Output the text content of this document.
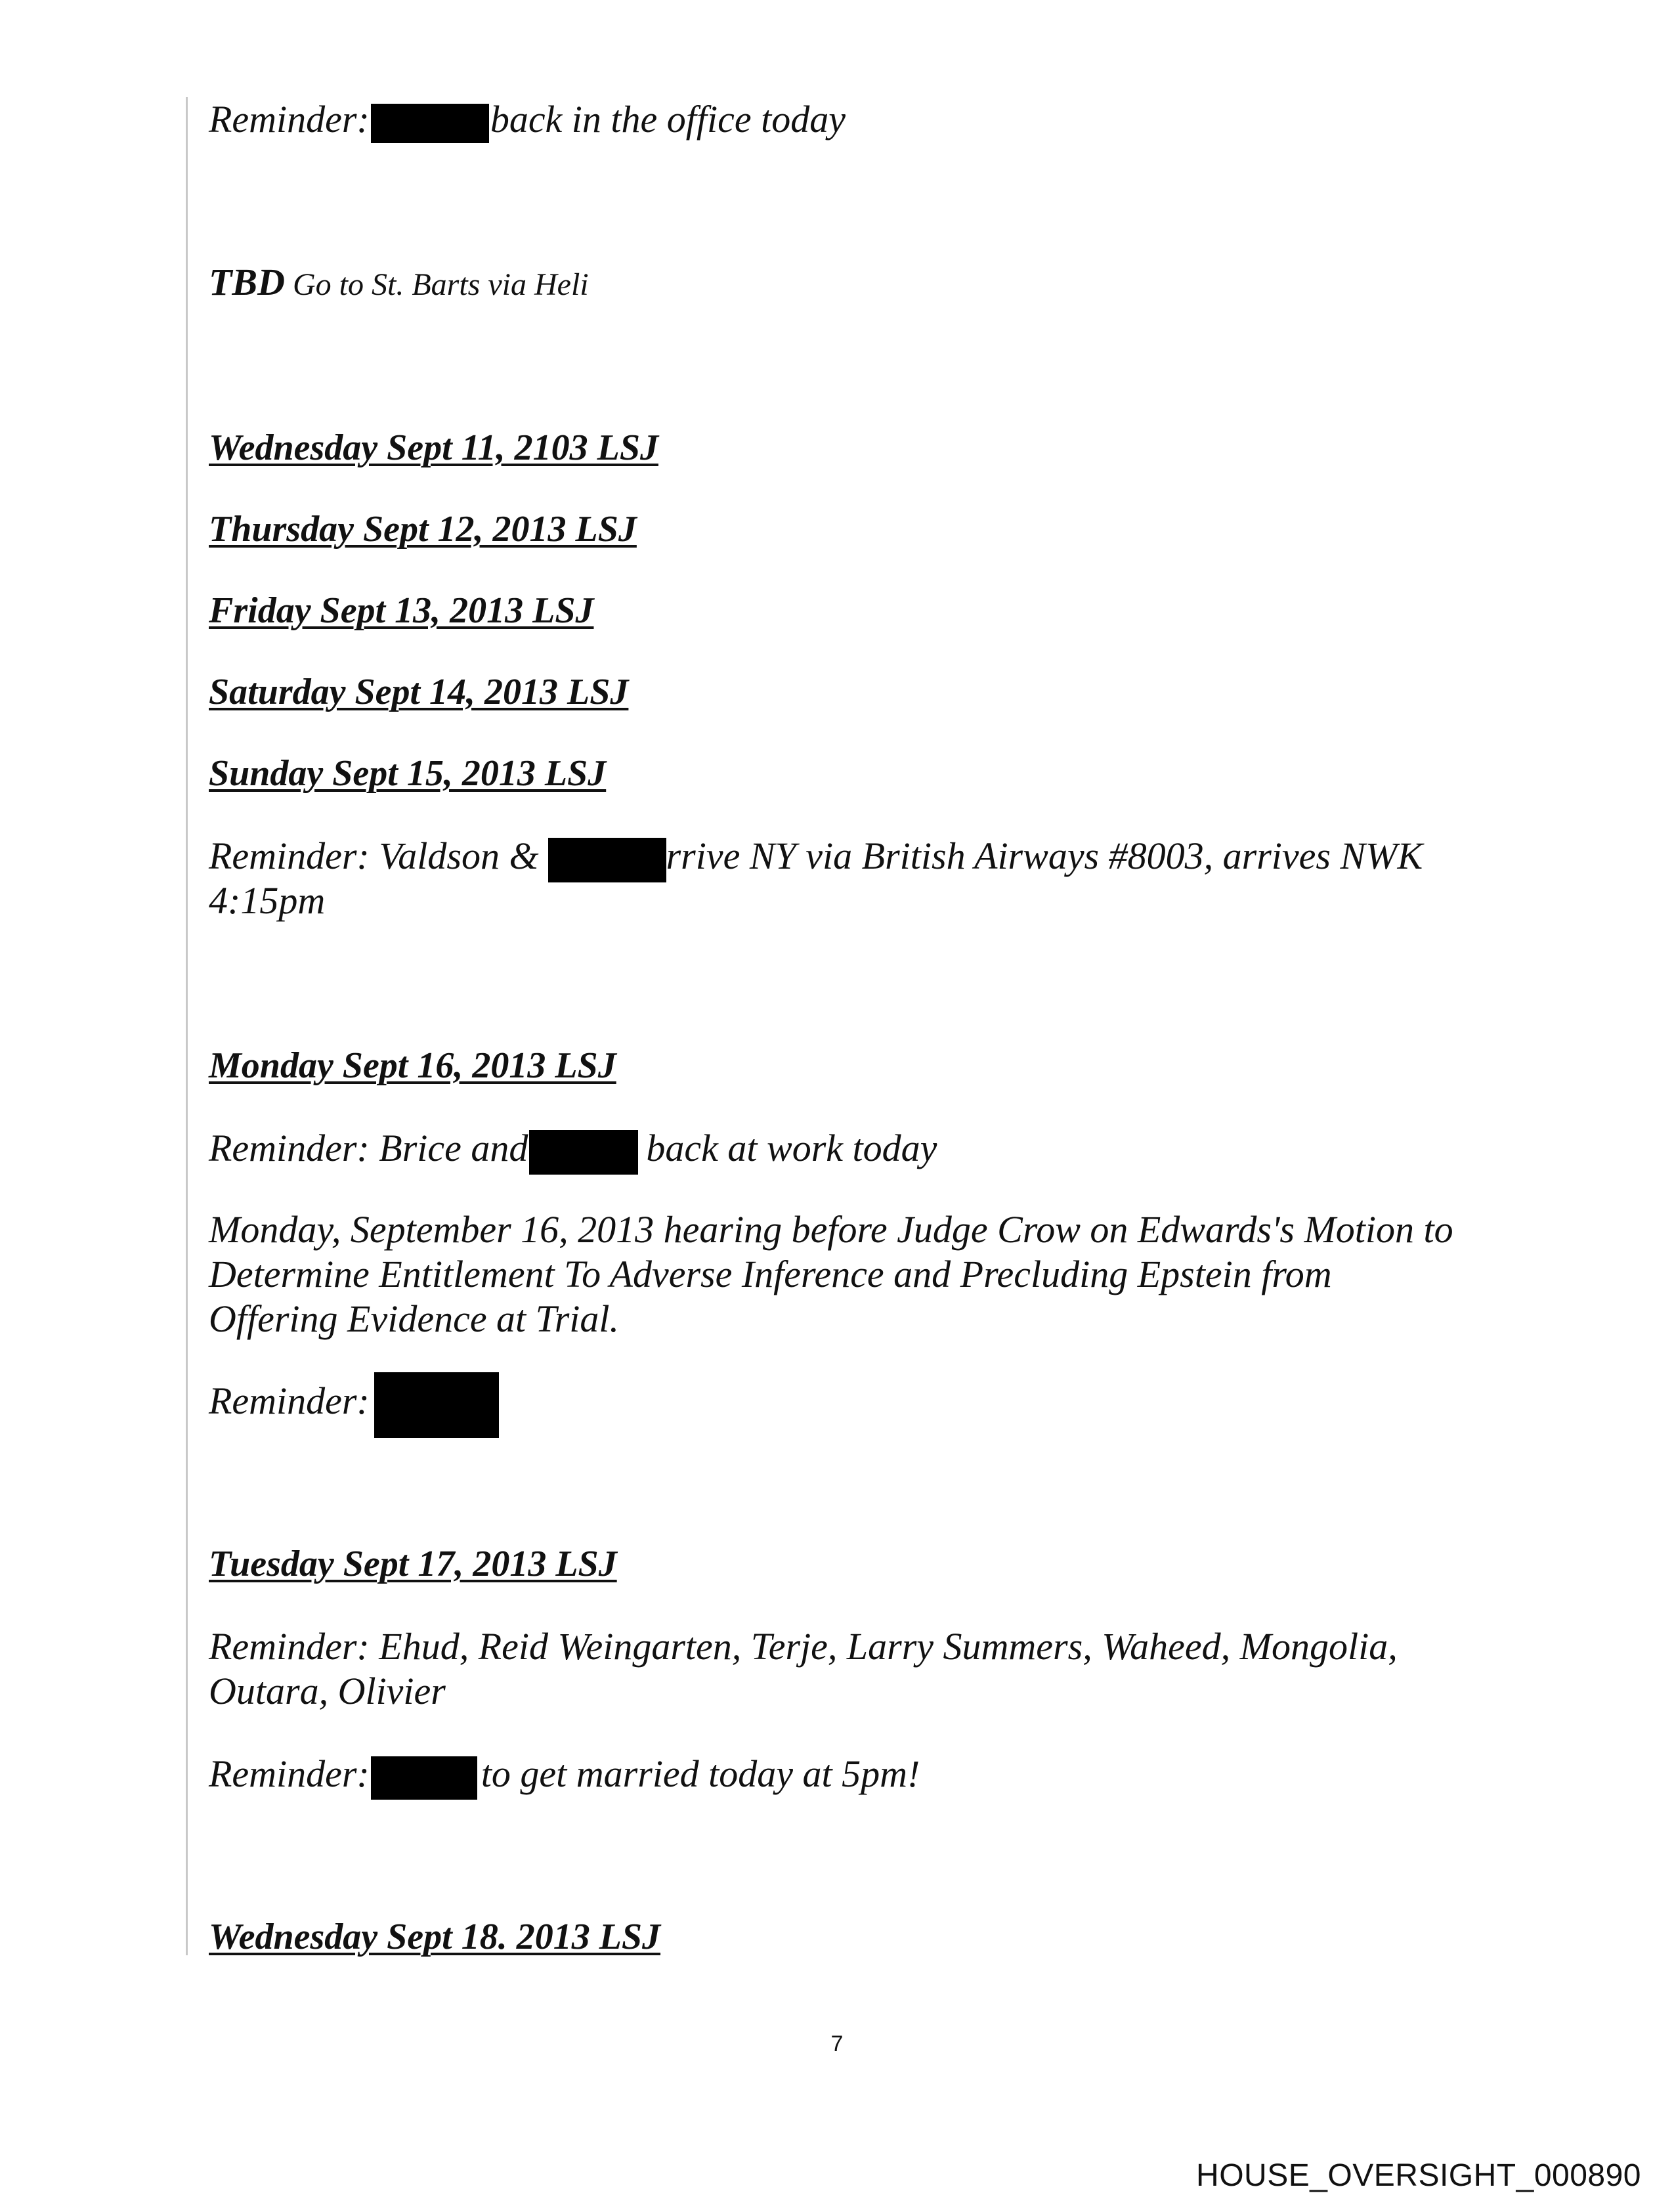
Reminder:	back in the office today

TBD Go to St. Barts via Heli

Wednesday Sept 11, 2103 LSJ

Thursday Sept 12, 2013 LSJ

Friday Sept 13, 2013 LSJ

Saturday Sept 14, 2013 LSJ

Sunday Sept 15, 2013 LSJ

Reminder: Valdson &	rrive NY via British Airways #8003, arrives NWK

4:15pm

Monday Sept 16, 2013 LSJ

Reminder: Brice and	back at work today

Monday, September 16, 2013 hearing before Judge Crow on Edwards's Motion to

Determine Entitlement To Adverse Inference and Precluding Epstein from

Offering Evidence at Trial.

Reminder:

Tuesday Sept 17, 2013 LSJ

Reminder: Ehud, Reid Weingarten, Terje, Larry Summers, Waheed, Mongolia,

Outara, Olivier

Reminder:	to get married today at 5pm!

Wednesday Sept 18. 2013 LSJ

7

HOUSE_OVERSIGHT_000890
